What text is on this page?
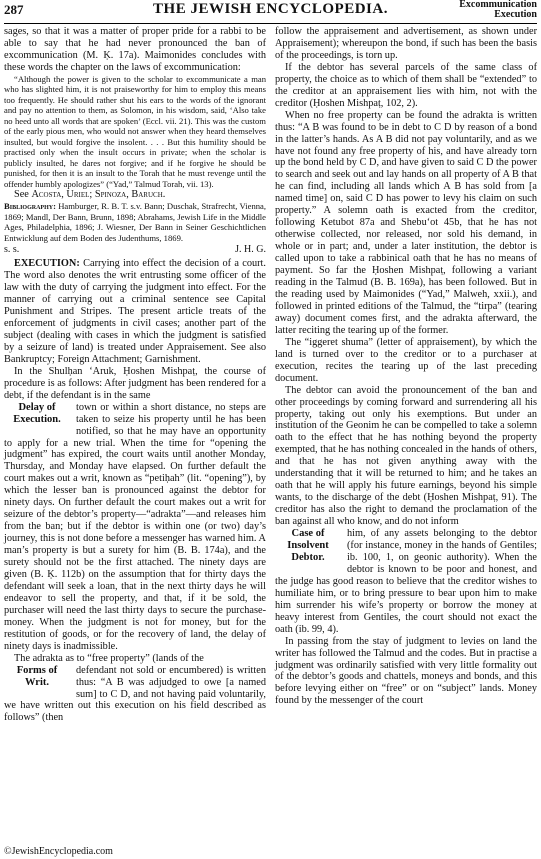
287	THE JEWISH ENCYCLOPEDIA.	Excommunication
Execution

sages, so that it was a matter of proper pride for a rabbi to be able to say that he had never pronounced the ban of excommunication (M. Ḳ. 17a). Maimonides concludes with these words the chapter on the laws of excommunication:

“Although the power is given to the scholar to excommunicate a man who has slighted him, it is not praiseworthy for him to employ this means too frequently. He should rather shut his ears to the words of the ignorant and pay no attention to them, as Solomon, in his wisdom, said, ‘Also take no heed unto all words that are spoken’ (Eccl. vii. 21). This was the custom of the early pious men, who would not answer when they heard themselves insulted, but would forgive the insolent. . . . But this humility should be practised only when the insult occurs in private; when the scholar is publicly insulted, he dares not forgive; and if he forgive he should be punished, for then it is an insult to the Torah that he must revenge until the offender humbly apologizes” (“Yad,” Talmud Torah, vii. 13).

See Acosta, Uriel; Spinoza, Baruch.

Bibliography: Hamburger, R. B. T. s.v. Bann; Duschak, Strafrecht, Vienna, 1869; Mandl, Der Bann, Brunn, 1898; Abrahams, Jewish Life in the Middle Ages, Philadelphia, 1896; J. Wiesner, Der Bann in Seiner Geschichtlichen Entwicklung auf dem Boden des Judenthums, 1869.

s. s.	J. H. G.

EXECUTION: Carrying into effect the decision of a court. The word also denotes the writ entrusting some officer of the law with the duty of carrying the judgment into effect. For the manner of carrying out a criminal sentence see Capital Punishment and Stripes. The present article treats of the enforcement of judgments in civil cases; another part of the subject (dealing with cases in which the judgment is satisfied by a seizure of land) is treated under Appraisement. See also Bankruptcy; Foreign Attachment; Garnishment.

In the Shulḥan ‘Aruk, Ḥoshen Mishpaṭ, the course of procedure is as follows: After judgment has been rendered for a debt, if the defendant is in the same

Delay of Execution.

town or within a short distance, no steps are taken to seize his property until he has been notified, so that he may have an opportunity to apply for a new trial. When the time for “opening the judgment” has expired, the court waits until another Monday, Thursday, and Monday have elapsed. On further default the court makes out a writ, known as “petiḥah” (lit. “opening”), by which the lesser ban is pronounced against the debtor for ninety days. On further default the court makes out a writ for seizure of the debtor’s property—“adrakta”—and releases him from the ban; but if the debtor is within one (or two) day’s journey, this is not done before a messenger has warned him. A man’s property is but a surety for him (B. B. 174a), and the surety should not be the first attached. The ninety days are given (B. Ḳ. 112b) on the assumption that for thirty days the defendant will seek a loan, that in the next thirty days he will endeavor to sell the property, and that, if it be sold, the purchaser will need the last thirty days to secure the purchase-money. When the judgment is not for money, but for the restitution of goods, or for the recovery of land, the delay of ninety days is inadmissible.

The adrakta as to “free property” (lands of the

Forms of Writ.

defendant not sold or encumbered) is written thus: “A B was adjudged to owe [a named sum] to C D, and not having paid voluntarily, we have written out this execution on his field described as follows” (then

follow the appraisement and advertisement, as shown under Appraisement); whereupon the bond, if such has been the basis of the proceedings, is torn up.

If the debtor has several parcels of the same class of property, the choice as to which of them shall be “extended” to the creditor at an appraisement lies with him, not with the creditor (Ḥoshen Mishpaṭ, 102, 2).

When no free property can be found the adrakta is written thus: “A B was found to be in debt to C D by reason of a bond in the latter’s hands. As A B did not pay voluntarily, and as we have not found any free property of his, and have already torn up the bond held by C D, and have given to said C D the power to search and seek out and lay hands on all property of A B that he can find, including all lands which A B has sold from [a named time] on, said C D has power to levy his claim on such property.” A solemn oath is exacted from the creditor, following Ketubot 87a and Shebu‘ot 45b, that he has not otherwise collected, nor released, nor sold his demand, in whole or in part; and, under a later institution, the debtor is called upon to take a rabbinical oath that he has no means of payment. So far the Ḥoshen Mishpaṭ, following a variant reading in the Talmud (B. B. 169a), has been followed. But in the reading used by Maimonides (“Yad,” Malweh, xxii.), and followed in printed editions of the Talmud, the “tirpa” (tearing away) document comes first, and the adrakta afterward, the latter reciting the tearing up of the former.

The “iggeret shuma” (letter of appraisement), by which the land is turned over to the creditor or to a purchaser at execution, recites the tearing up of the last preceding document.

The debtor can avoid the pronouncement of the ban and other proceedings by coming forward and surrendering all his property, taking out only his exemptions. But under an institution of the Geonim he can be compelled to take a solemn oath to the effect that he has nothing beyond the property exempted, that he has nothing concealed in the hands of others, and that he has not given anything away with the understanding that it will be returned to him; and he takes an oath that he will apply his future earnings, beyond his simple wants, to the discharge of the debt (Ḥoshen Mishpaṭ, 91). The creditor has also the right to demand the proclamation of the ban against all who know, and do not inform

Case of Insolvent Debtor.

him, of any assets belonging to the debtor (for instance, money in the hands of Gentiles; ib. 100, 1, on geonic authority). When the debtor is known to be poor and honest, and the judge has good reason to believe that the creditor wishes to humiliate him, or to bring pressure to bear upon him to make him surrender his wife’s property or borrow the money at heavy interest from Gentiles, the court should not exact the oath (ib. 99, 4).

In passing from the stay of judgment to levies on land the writer has followed the Talmud and the codes. But in practise a judgment was ordinarily satisfied with very little formality out of the debtor’s goods and chattels, moneys and bonds, and this before levying either on “free” or on “subject” lands. Money found by the messenger of the court

©JewishEncyclopedia.com
